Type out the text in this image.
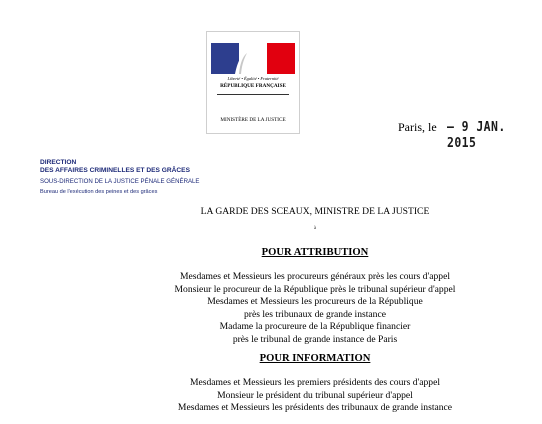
Liberté • Égalité • Fraternité
RÉPUBLIQUE FRANÇAISE
MINISTÈRE DE LA JUSTICE	Paris, le – 9 JAN. 2015
DIRECTION
DES AFFAIRES CRIMINELLES ET DES GRÂCES
SOUS-DIRECTION DE LA JUSTICE PÉNALE GÉNÉRALE
Bureau de l'exécution des peines et des grâces
LA GARDE DES SCEAUX, MINISTRE DE LA JUSTICE
à
POUR ATTRIBUTION
Mesdames et Messieurs les procureurs généraux près les cours d'appel
Monsieur le procureur de la République près le tribunal supérieur d'appel
Mesdames et Messieurs les procureurs de la République
près les tribunaux de grande instance
Madame la procureure de la République financier
près le tribunal de grande instance de Paris
POUR INFORMATION
Mesdames et Messieurs les premiers présidents des cours d'appel
Monsieur le président du tribunal supérieur d'appel
Mesdames et Messieurs les présidents des tribunaux de grande instance
